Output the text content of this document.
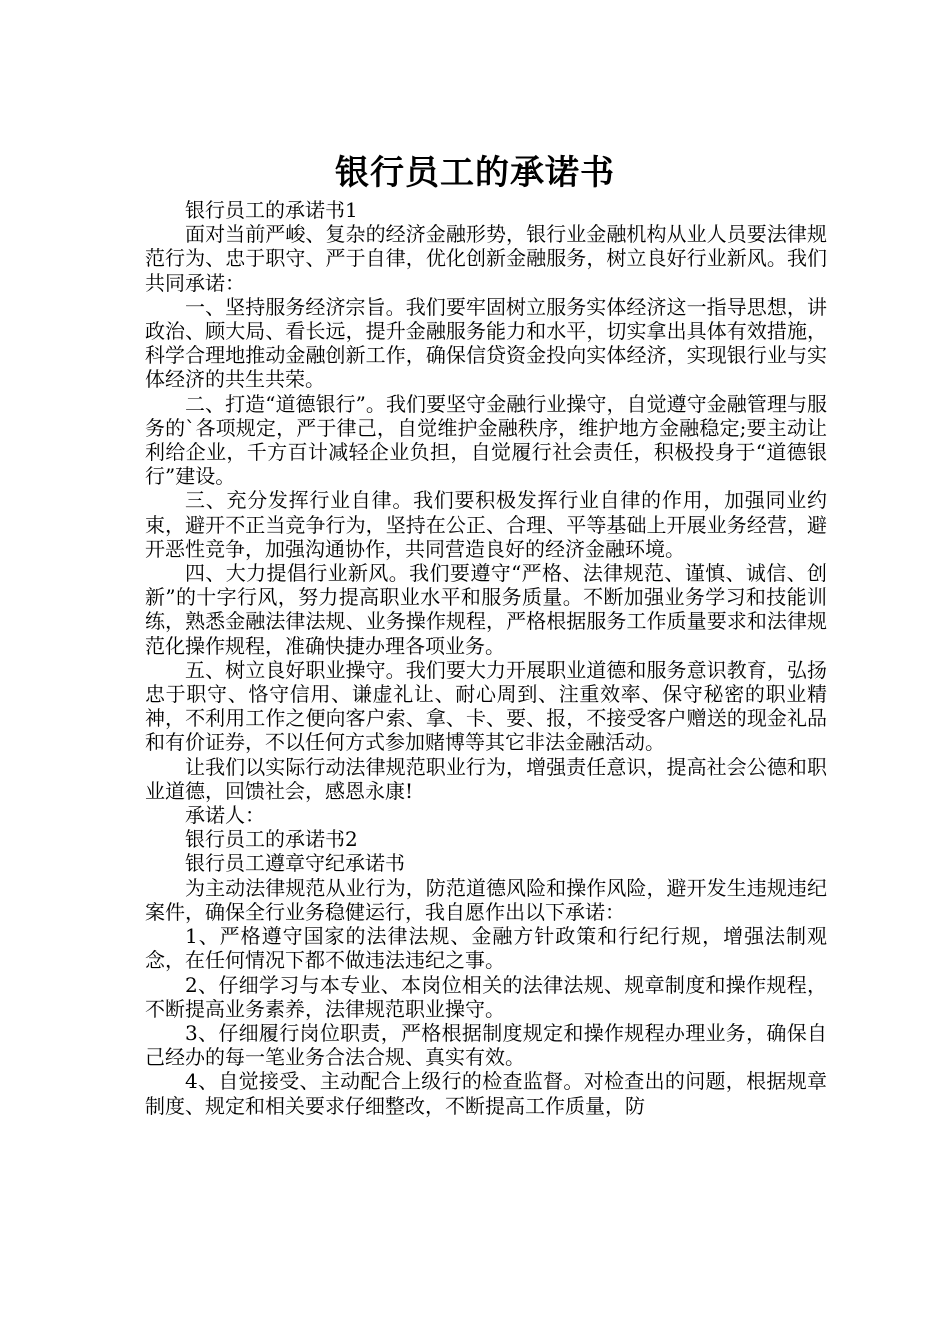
银行员工的承诺书

银行员工的承诺书1

面对当前严峻、复杂的经济金融形势，银行业金融机构从业人员要法律规范行为、忠于职守、严于自律，优化创新金融服务，树立良好行业新风。我们共同承诺：

一、坚持服务经济宗旨。我们要牢固树立服务实体经济这一指导思想，讲政治、顾大局、看长远，提升金融服务能力和水平，切实拿出具体有效措施，科学合理地推动金融创新工作，确保信贷资金投向实体经济，实现银行业与实体经济的共生共荣。

二、打造“道德银行”。我们要坚守金融行业操守，自觉遵守金融管理与服务的`各项规定，严于律己，自觉维护金融秩序，维护地方金融稳定;要主动让利给企业，千方百计减轻企业负担，自觉履行社会责任，积极投身于“道德银行”建设。

三、充分发挥行业自律。我们要积极发挥行业自律的作用，加强同业约束，避开不正当竞争行为，坚持在公正、合理、平等基础上开展业务经营，避开恶性竞争，加强沟通协作，共同营造良好的经济金融环境。

四、大力提倡行业新风。我们要遵守“严格、法律规范、谨慎、诚信、创新”的十字行风，努力提高职业水平和服务质量。不断加强业务学习和技能训练，熟悉金融法律法规、业务操作规程，严格根据服务工作质量要求和法律规范化操作规程，准确快捷办理各项业务。

五、树立良好职业操守。我们要大力开展职业道德和服务意识教育，弘扬忠于职守、恪守信用、谦虚礼让、耐心周到、注重效率、保守秘密的职业精神，不利用工作之便向客户索、拿、卡、要、报，不接受客户赠送的现金礼品和有价证券，不以任何方式参加赌博等其它非法金融活动。

让我们以实际行动法律规范职业行为，增强责任意识，提高社会公德和职业道德，回馈社会，感恩永康!

承诺人：

银行员工的承诺书2

银行员工遵章守纪承诺书

为主动法律规范从业行为，防范道德风险和操作风险，避开发生违规违纪案件，确保全行业务稳健运行，我自愿作出以下承诺：

1、严格遵守国家的法律法规、金融方针政策和行纪行规，增强法制观念，在任何情况下都不做违法违纪之事。

2、仔细学习与本专业、本岗位相关的法律法规、规章制度和操作规程，不断提高业务素养，法律规范职业操守。

3、仔细履行岗位职责，严格根据制度规定和操作规程办理业务，确保自己经办的每一笔业务合法合规、真实有效。

4、自觉接受、主动配合上级行的检查监督。对检查出的问题，根据规章制度、规定和相关要求仔细整改，不断提高工作质量，防
